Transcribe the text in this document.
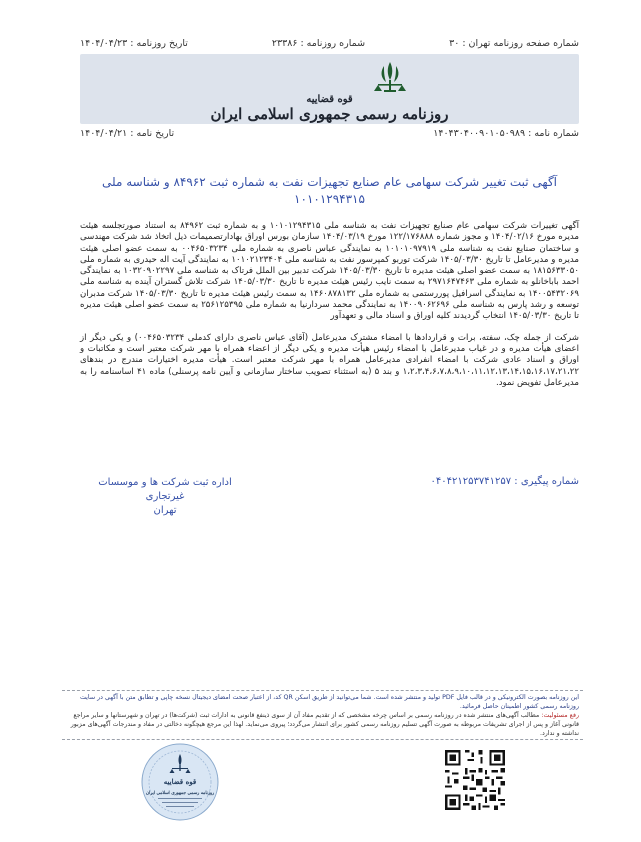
شماره صفحه روزنامه تهران : ۳۰
شماره روزنامه : ۲۳۳۸۶
تاریخ روزنامه : ۱۴۰۴/۰۴/۲۳
قوه قضاییه
روزنامه رسمی جمهوری اسلامی ایران
شماره نامه : ۱۴۰۴۳۰۴۰۰۹۰۱۰۵۰۹۸۹
تاریخ نامه : ۱۴۰۴/۰۴/۲۱
آگهی ثبت تغییر شرکت سهامی عام صنایع تجهیزات نفت به شماره ثبت ۸۴۹۶۲ و شناسه ملی ۱۰۱۰۱۲۹۴۳۱۵

آگهی تغییرات شرکت سهامی عام صنایع تجهیزات نفت به شناسه ملی ۱۰۱۰۱۲۹۴۳۱۵ و به شماره ثبت ۸۴۹۶۲ به استناد صورتجلسه هیئت مدیره مورخ ۱۴۰۴/۰۲/۱۶ و مجوز شماره ۱۲۲/۱۷۶۸۸۸ مورخ ۱۴۰۴/۰۳/۱۹ سازمان بورس اوراق بهادارتصمیمات ذیل اتخاذ شد شرکت مهندسی و ساختمان صنایع نفت به شناسه ملی ۱۰۱۰۱۰۹۷۹۱۹ به نمایندگی عباس ناصری به شماره ملی ۰۰۴۶۵۰۳۲۳۴ به سمت عضو اصلی هیئت مدیره و مدیرعامل تا تاریخ ۱۴۰۵/۰۳/۳۰ شرکت توربو کمپرسور نفت به شناسه ملی ۱۰۱۰۲۱۲۳۴۰۴ به نمایندگی آیت اله حیدری به شماره ملی ۱۸۱۵۶۳۳۰۵۰ به سمت عضو اصلی هیئت مدیره تا تاریخ ۱۴۰۵/۰۳/۳۰ شرکت تدبیر بین الملل فرتاک به شناسه ملی ۱۰۳۲۰۹۰۲۲۹۷ به نمایندگی احمد باباخانلو به شماره ملی ۲۹۷۱۶۴۷۴۶۳ به سمت نایب رئیس هیئت مدیره تا تاریخ ۱۴۰۵/۰۳/۳۰ شرکت تلاش گستران آینده به شناسه ملی ۱۴۰۰۵۴۳۲۰۶۹ به نمایندگی اسرافیل پوررستمی به شماره ملی ۱۴۶۰۸۷۸۱۳۲ به سمت رئیس هیئت مدیره تا تاریخ ۱۴۰۵/۰۳/۳۰ شرکت مدبران توسعه و رشد پارس به شناسه ملی ۱۴۰۰۹۰۶۲۶۹۶ به نمایندگی محمد سردارنیا به شماره ملی ۲۵۶۱۲۵۳۹۵ به سمت عضو اصلی هیئت مدیره تا تاریخ ۱۴۰۵/۰۳/۳۰ انتخاب گردیدند کلیه اوراق و اسناد مالی و تعهدآور

شرکت از جمله چک، سفته، برات و قراردادها با امضاء مشترک مدیرعامل (آقای عباس ناصری دارای کدملی ۰۰۴۶۵۰۳۲۳۴) و یکی دیگر از اعضای هیأت مدیره و در غیاب مدیرعامل با امضاء رئیس هیأت مدیره و یکی دیگر از اعضاء همراه با مهر شرکت معتبر است و مکاتبات و اوراق و اسناد عادی شرکت با امضاء انفرادی مدیرعامل همراه با مهر شرکت معتبر است. هیأت مدیره اختیارات مندرج در بندهای ۱،۲،۳،۴،۶،۷،۸،۹،۱۰،۱۱،۱۲،۱۳،۱۴،۱۵،۱۶،۱۷،۲۱،۲۲ و بند ۵ (به استثناء تصویب ساختار سازمانی و آیین نامه پرسنلی) ماده ۴۱ اساسنامه را به مدیرعامل تفویض نمود.

شماره پیگیری : ۰۴۰۴۲۱۲۵۳۷۴۱۲۵۷
اداره ثبت شرکت ها و موسسات غیرتجاری
تهران
این روزنامه بصورت الکترونیکی و در قالب فایل PDF تولید و منتشر شده است. شما می‌توانید از طریق اسکن QR کد، از اعتبار صحت امضای دیجیتال نسخه چاپی و تطابق متن با آگهی در سایت روزنامه رسمی کشور اطمینان حاصل فرمائید.
رفع مسئولیت: مطالب آگهی‌های منتشر شده در روزنامه رسمی بر اساس چرخه مشخصی که از تقدیم مفاد آن از سوی ذینفع قانونی به ادارات ثبت (شرکت‌ها) در تهران و شهرستانها و سایر مراجع قانونی آغاز و پس از اجرای تشریفات مربوطه به صورت آگهی تسلیم روزنامه رسمی کشور برای انتشار می‌گردد؛ پیروی می‌نماید. لهذا این مرجع هیچگونه دخالتی در مفاد و مندرجات آگهی‌های مزبور نداشته و ندارد.
قوه قضاییه
روزنامه رسمی جمهوری اسلامی ایران
